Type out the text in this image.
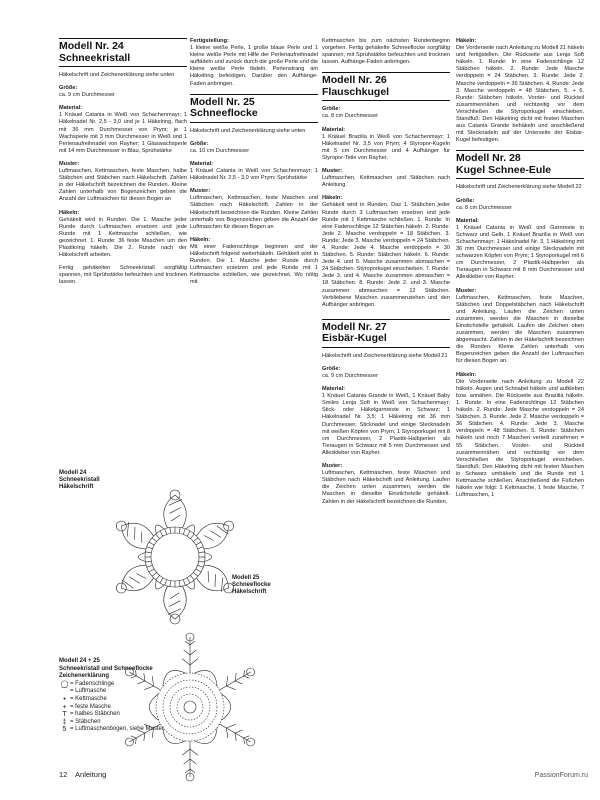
Modell Nr. 24
Schneekristall

Häkelschrift und Zeichenerklärung siehe unten

Größe:

ca. 9 cm Durchmesser

Material:

1 Knäuel Catania in Weiß von Schachenmayr; 1 Häkelnadel Nr. 2,5 - 3,0 und je 1 Häkelring, flach mit 36 mm Durchmesser von Prym; je 1 Wachsperle mit 3 mm Durchmesser in Weiß und 1 Perlenaufreihnadel von Rayher; 1 Glaswachsperle mit 14 mm Durchmesser in Blau, Sprühstärke

Muster:

Luftmaschen, Kettmaschen, feste Maschen, halbe Stäbchen und Stäbchen nach Häkelschrift. Zahlen in der Häkelschrift bezeichnen die Runden. Kleine Zahlen unterhalb von Bogenzeichen geben die Anzahl der Luftmaschen für diesen Bogen an

Häkeln:

Gehäkelt wird in Runden. Die 1. Masche jeder Runde durch Luftmaschen ersetzen und jede Runde mit 1 Kettmasche schließen, wie gezeichnet. 1. Runde: 36 feste Maschen um den Plastikring häkeln. Die 2. Runde nach der Häkelschrift arbeiten.

Fertig gehäkelten Schneekristall sorgfältig spannen, mit Sprühstärke befeuchten und trocknen lassen.

Fertigstellung:

1 kleine weiße Perle, 1 große blaue Perle und 1 kleine weiße Perle mit Hilfe der Perlenaufreihnadel auffädeln und zurück durch die große Perle und die kleine weiße Perle fädeln. Perlenstrang am Häkelring befestigen. Darüber den Aufhänge-Faden anbringen.

Modell Nr. 25
Schneeflocke

Häkelschrift und Zeichenerklärung siehe unten

Größe:

ca. 10 cm Durchmesser

Material:

1 Knäuel Catania in Weiß von Schachenmayr; 1 Häkelnadel Nr. 2,5 - 3,0 von Prym; Sprühstärke

Muster:

Luftmaschen, Kettmaschen, feste Maschen und Stäbchen nach Häkelschrift. Zahlen in der Häkelschrift bezeichnen die Runden. Kleine Zahlen unterhalb von Bogenzeichen geben die Anzahl der Luftmaschen für diesen Bogen an

Häkeln:

Mit einer Fadenschlinge beginnen und der Häkelschrift folgend weiterhäkeln. Gehäkelt wird in Runden. Die 1. Masche jeder Runde durch Luftmaschen ersetzen und jede Runde mit 1 Kettmasche schließen, wie gezeichnet. Wo nötig mit

Kettmaschen bis zum nächsten Rundenbeginn vorgehen. Fertig gehäkelte Schneeflocke sorgfältig spannen, mit Sprühstärke befeuchten und trocknen lassen. Aufhänge-Faden anbringen.

Modell Nr. 26
Flauschkugel
Größe:

ca. 8 cm Durchmesser

Material:

1 Knäuel Brazilia in Weiß von Schachenmayr; 1 Häkelnadel Nr. 3,5 von Prym; 4 Styropor-Kugeln mit 5 cm Durchmesser und 4 Aufhänger für Styropor-Teile von Rayher.

Muster:

Luftmaschen, Kettmaschen und Stäbchen nach Anleitung.

Häkeln:

Gehäkelt wird in Runden. Das 1. Stäbchen jeder Runde durch 3 Luftmaschen ersetzen und jede Runde mit 1 Kettmasche schließen. 1. Runde: In eine Fadenschlinge 12 Stäbchen häkeln. 2. Runde: Jede 2. Masche verdoppeln = 18 Stäbchen. 3. Runde: Jede 3. Masche verdoppeln = 24 Stäbchen. 4. Runde: Jede 4. Masche verdoppeln = 30 Stäbchen. 5. Runde: Stäbchen häkeln. 6. Runde: Jede 4. und 5. Masche zusammen abmaschen = 24 Stäbchen. Styroporkugel einschieben. 7. Runde: Jede 3. und 4. Masche zusammen abmaschen = 18 Stäbchen. 8. Runde: Jede 2. und 3. Masche zusammen abmaschen = 12 Stäbchen. Verbliebene Maschen zusammenziehen und den Aufhänger anbringen.

Modell Nr. 27
Eisbär-Kugel

Häkelschrift und Zeichenerklärung siehe Modell 21

Größe:

ca. 9 cm Durchmesser

Material:

1 Knäuel Catania Grande in Weiß, 1 Knäuel Baby Smiles Lenja Soft in Weiß von Schachenmayr; Stick- oder Häkelgarnreste in Schwarz; 1 Häkelnadel Nr. 3,5; 1 Häkelring mit 36 mm Durchmesser, Sticknadel und einige Stecknadeln mit weißen Köpfen von Prym; 1 Styroporkugel mit 8 cm Durchmesser, 2 Plastik-Halbperlen als Tieraugen in Schwarz mit 5 mm Durchmesser und Alleskleber von Rayher.

Muster:

Luftmaschen, Kettmaschen, feste Maschen und Stäbchen nach Häkelschrift und Anleitung. Laufen die Zeichen unten zusammen, werden die Maschen in dieselbe Einstichstelle gehäkelt. Zahlen in der Häkelschrift bezeichnen die Runden.

Häkeln:

Die Vorderseite nach Anleitung zu Modell 21 häkeln und fertigstellen. Die Rückseite aus Lenja Soft häkeln. 1. Runde: In eine Fadenschlinge 12 Stäbchen häkeln. 2. Runde: Jede Masche verdoppeln = 24 Stäbchen. 3. Runde: Jede 2. Masche verdoppeln = 36 Stäbchen. 4. Runde: Jede 3. Masche verdoppeln = 48 Stäbchen. 5. + 6. Runde: Stäbchen häkeln. Vorder- und Rückteil zusammennähen und rechtzeitig vor dem Verschließen die Styroporkugel einschieben. Standfuß: Den Häkelring dicht mit festen Maschen aus Catania Grande behäkeln und anschließend mit Stecknadeln auf der Unterseite der Eisbär-Kugel befestigen.

Modell Nr. 28
Kugel Schnee-Eule

Häkelschrift und Zeichenerklärung siehe Modell 22

Größe:

ca. 8 cm Durchmesser

Material:

1 Knäuel Catania in Weiß und Garnreste in Schwarz und Gelb, 1 Knäuel Brazilia in Weiß von Schachenmayr; 1 Häkelnadel Nr. 3, 1 Häkelring mit 36 mm Durchmesser und einige Stecknadeln mit schwarzen Köpfen von Prym; 1 Styroporkugel mit 6 cm Durchmesser, 2 Plastik-Halbperlen als Tieraugen in Schwarz mit 8 mm Durchmesser und Alleskleber von Rayher.

Muster:

Luftmaschen, Kettmaschen, feste Maschen, Stäbchen und Doppelstäbchen nach Häkelschrift und Anleitung. Laufen die Zeichen unten zusammen, werden die Maschen in dieselbe Einstichstelle gehäkelt. Laufen die Zeichen oben zusammen, werden die Maschen zusammen abgemascht. Zahlen in der Häkelschrift bezeichnen die Runden. Kleine Zahlen unterhalb von Bogenzeichen geben die Anzahl der Luftmaschen für diesen Bogen an.

Häkeln:

Die Vorderseite nach Anleitung zu Modell 22 häkeln. Augen und Schnabel häkeln und aufkleben bzw. annähen. Die Rückseite aus Brazilia häkeln. 1. Runde: In eine Fadenschlinge 12 Stäbchen häkeln. 2. Runde: Jede Masche verdoppeln = 24 Stäbchen. 3. Runde: Jede 2. Masche verdoppeln = 36 Stäbchen. 4. Runde: Jede 3. Masche verdoppeln = 48 Stäbchen. 5. Runde: Stäbchen häkeln und noch 7 Maschen verteilt zunehmen = 55 Stäbchen. Vorder- und Rückteil zusammennähen und rechtzeitig vor dem Verschließen die Styroporkugel einschieben. Standfuß: Den Häkelring dicht mit festen Maschen in Schwarz umhäkeln und die Runde mit 1 Kettmasche schließen. Anschließend die Füßchen häkeln wie folgt: 1 Kettmasche, 1 feste Masche, 7 Luftmaschen, 1

Modell 24
Schneekristall
Häkelschrift
Modell 25
Schneeflocke
Häkelschrift
Modell 24 + 25
Schneekristall und Schneeflocke
Zeichenerklärung
◯ = Fadenschlinge
⌒ = Luftmasche
• = Kettmasche
+ = feste Masche
T = halbes Stäbchen
‡ = Stäbchen
5 = Luftmaschenbogen, siehe Muster
12 Anleitung	PassionForum.ru
